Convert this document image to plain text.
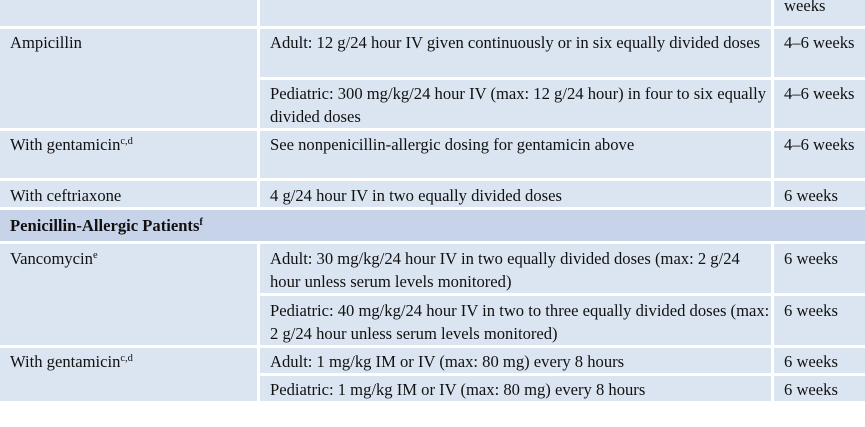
		weeks

Ampicillin	Adult: 12 g/24 hour IV given continuously or in six equally divided doses	4–6 weeks
	Pediatric: 300 mg/kg/24 hour IV (max: 12 g/24 hour) in four to six equally divided doses	4–6 weeks
With gentamicin$^{c,d}$	See nonpenicillin-allergic dosing for gentamicin above	4–6 weeks
With ceftriaxone	4 g/24 hour IV in two equally divided doses	6 weeks
Penicillin-Allergic Patients$^f$
Vancomycin$^e$	Adult: 30 mg/kg/24 hour IV in two equally divided doses (max: 2 g/24 hour unless serum levels monitored)	6 weeks
	Pediatric: 40 mg/kg/24 hour IV in two to three equally divided doses (max: 2 g/24 hour unless serum levels monitored)	6 weeks
With gentamicin$^{c,d}$	Adult: 1 mg/kg IM or IV (max: 80 mg) every 8 hours	6 weeks
	Pediatric: 1 mg/kg IM or IV (max: 80 mg) every 8 hours	6 weeks
